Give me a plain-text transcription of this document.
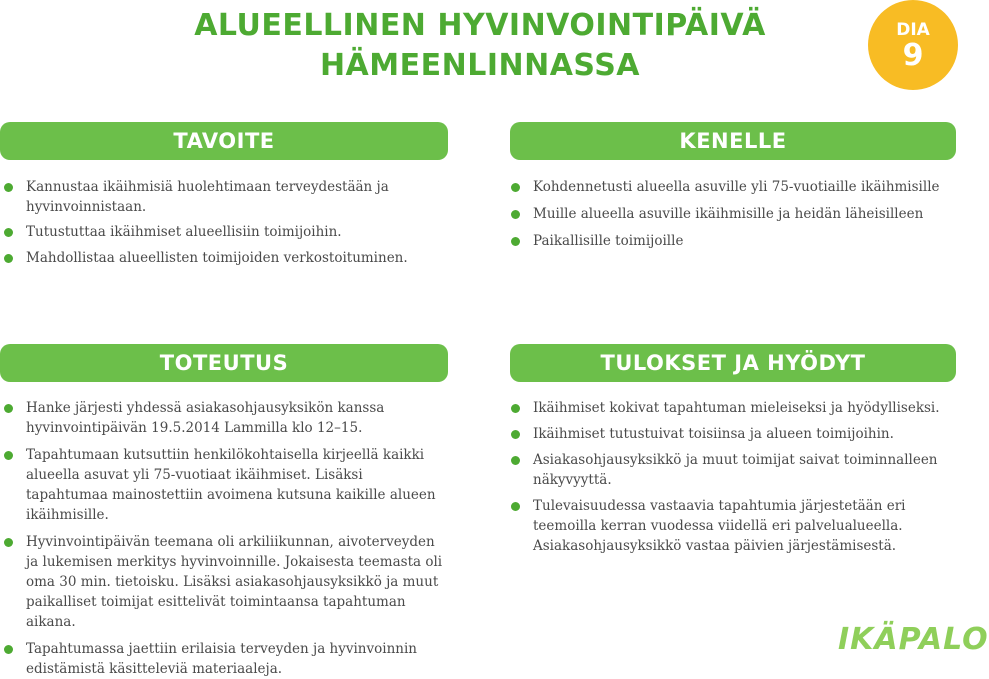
ALUEELLINEN HYVINVOINTIPÄIVÄ
HÄMEENLINNASSA
DIA
9
TAVOITE
Kannustaa ikäihmisiä huolehtimaan terveydestään ja hyvinvoinnistaan.
Tutustuttaa ikäihmiset alueellisiin toimijoihin.
Mahdollistaa alueellisten toimijoiden verkostoituminen.
KENELLE
Kohdennetusti alueella asuville yli 75-vuotiaille ikäihmisille
Muille alueella asuville ikäihmisille ja heidän läheisilleen
Paikallisille toimijoille
TOTEUTUS
Hanke järjesti yhdessä asiakasohjausyksikön kanssa hyvinvointipäivän 19.5.2014 Lammilla klo 12–15.
Tapahtumaan kutsuttiin henkilökohtaisella kirjeellä kaikki alueella asuvat yli 75-vuotiaat ikäihmiset. Lisäksi tapahtumaa mainostettiin avoimena kutsuna kaikille alueen ikäihmisille.
Hyvinvointipäivän teemana oli arkiliikunnan, aivoterveyden ja lukemisen merkitys hyvinvoinnille. Jokaisesta teemasta oli oma 30 min. tietoisku. Lisäksi asiakasohjausyksikkö ja muut paikalliset toimijat esittelivät toimintaansa tapahtuman aikana.
Tapahtumassa jaettiin erilaisia terveyden ja hyvinvoinnin edistämistä käsitteleviä materiaaleja.
TULOKSET JA HYÖDYT
Ikäihmiset kokivat tapahtuman mieleiseksi ja hyödylliseksi.
Ikäihmiset tutustuivat toisiinsa ja alueen toimijoihin.
Asiakasohjausyksikkö ja muut toimijat saivat toiminnalleen näkyvyyttä.
Tulevaisuudessa vastaavia tapahtumia järjestetään eri teemoilla kerran vuodessa viidellä eri palvelualueella. Asiakasohjausyksikkö vastaa päivien järjestämisestä.
IKÄPALO
